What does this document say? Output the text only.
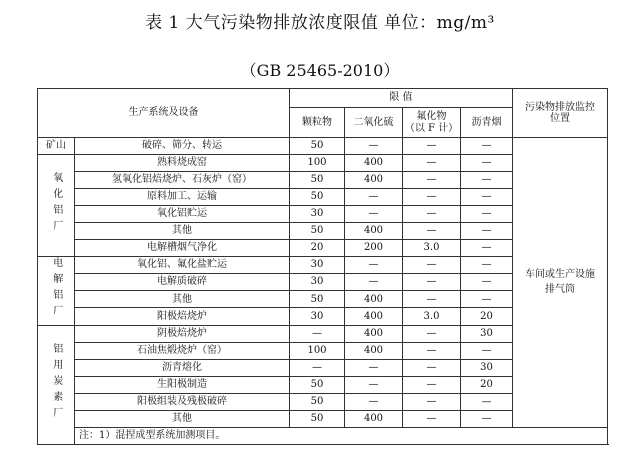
表 1 大气污染物排放浓度限值 单位：mg/m³
（GB 25465-2010）
生产系统及设备		限 值				污染物排放监控位置
		颗粒物	二氧化硫	氟化物
（以 F 计）	沥青烟	
矿山	破碎、筛分、转运	50	—	—	—	车间或生产设施排气筒
氧化铝厂	熟料烧成窑	100	400	—	—	
	氢氧化铝焙烧炉、石灰炉（窑）	50	400	—	—	
	原料加工、运输	50	—	—	—	
	氧化铝贮运	30	—	—	—	
	其他	50	400	—	—	
	电解槽烟气净化	20	200	3.0	—	
电解铝厂	氧化铝、氟化盐贮运	30	—	—	—	
	电解质破碎	30	—	—	—	
	其他	50	400	—	—	
	阳极焙烧炉	30	400	3.0	20	
铝用炭素厂	阴极焙烧炉	—	400	—	30	
	石油焦煅烧炉（窑）	100	400	—	—	
	沥青熔化	—	—	—	30	
	生阳极制造	50	—	—	20	
	阳极组装及残极破碎	50	—	—	—	
	其他	50	400	—	—	
	注：1）混捏成型系统加测项目。					
